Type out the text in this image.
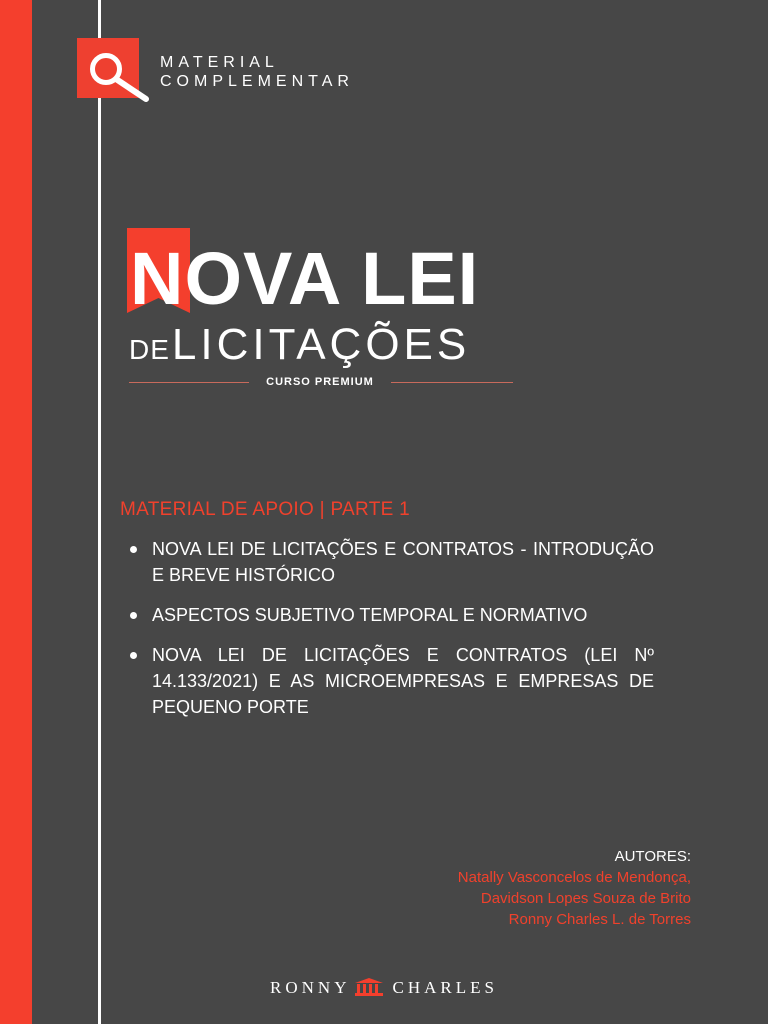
MATERIAL
COMPLEMENTAR
NOVA LEI
DELICITAÇÕES
CURSO PREMIUM
MATERIAL DE APOIO | PARTE 1
NOVA LEI DE LICITAÇÕES E CONTRATOS - INTRODUÇÃO E BREVE HISTÓRICO
ASPECTOS SUBJETIVO TEMPORAL E NORMATIVO
NOVA LEI DE LICITAÇÕES E CONTRATOS (LEI Nº 14.133/2021) E AS MICROEMPRESAS E EMPRESAS DE PEQUENO PORTE
AUTORES:
Natally Vasconcelos de Mendonça,
Davidson Lopes Souza de Brito
Ronny Charles L. de Torres
RONNY CHARLES
